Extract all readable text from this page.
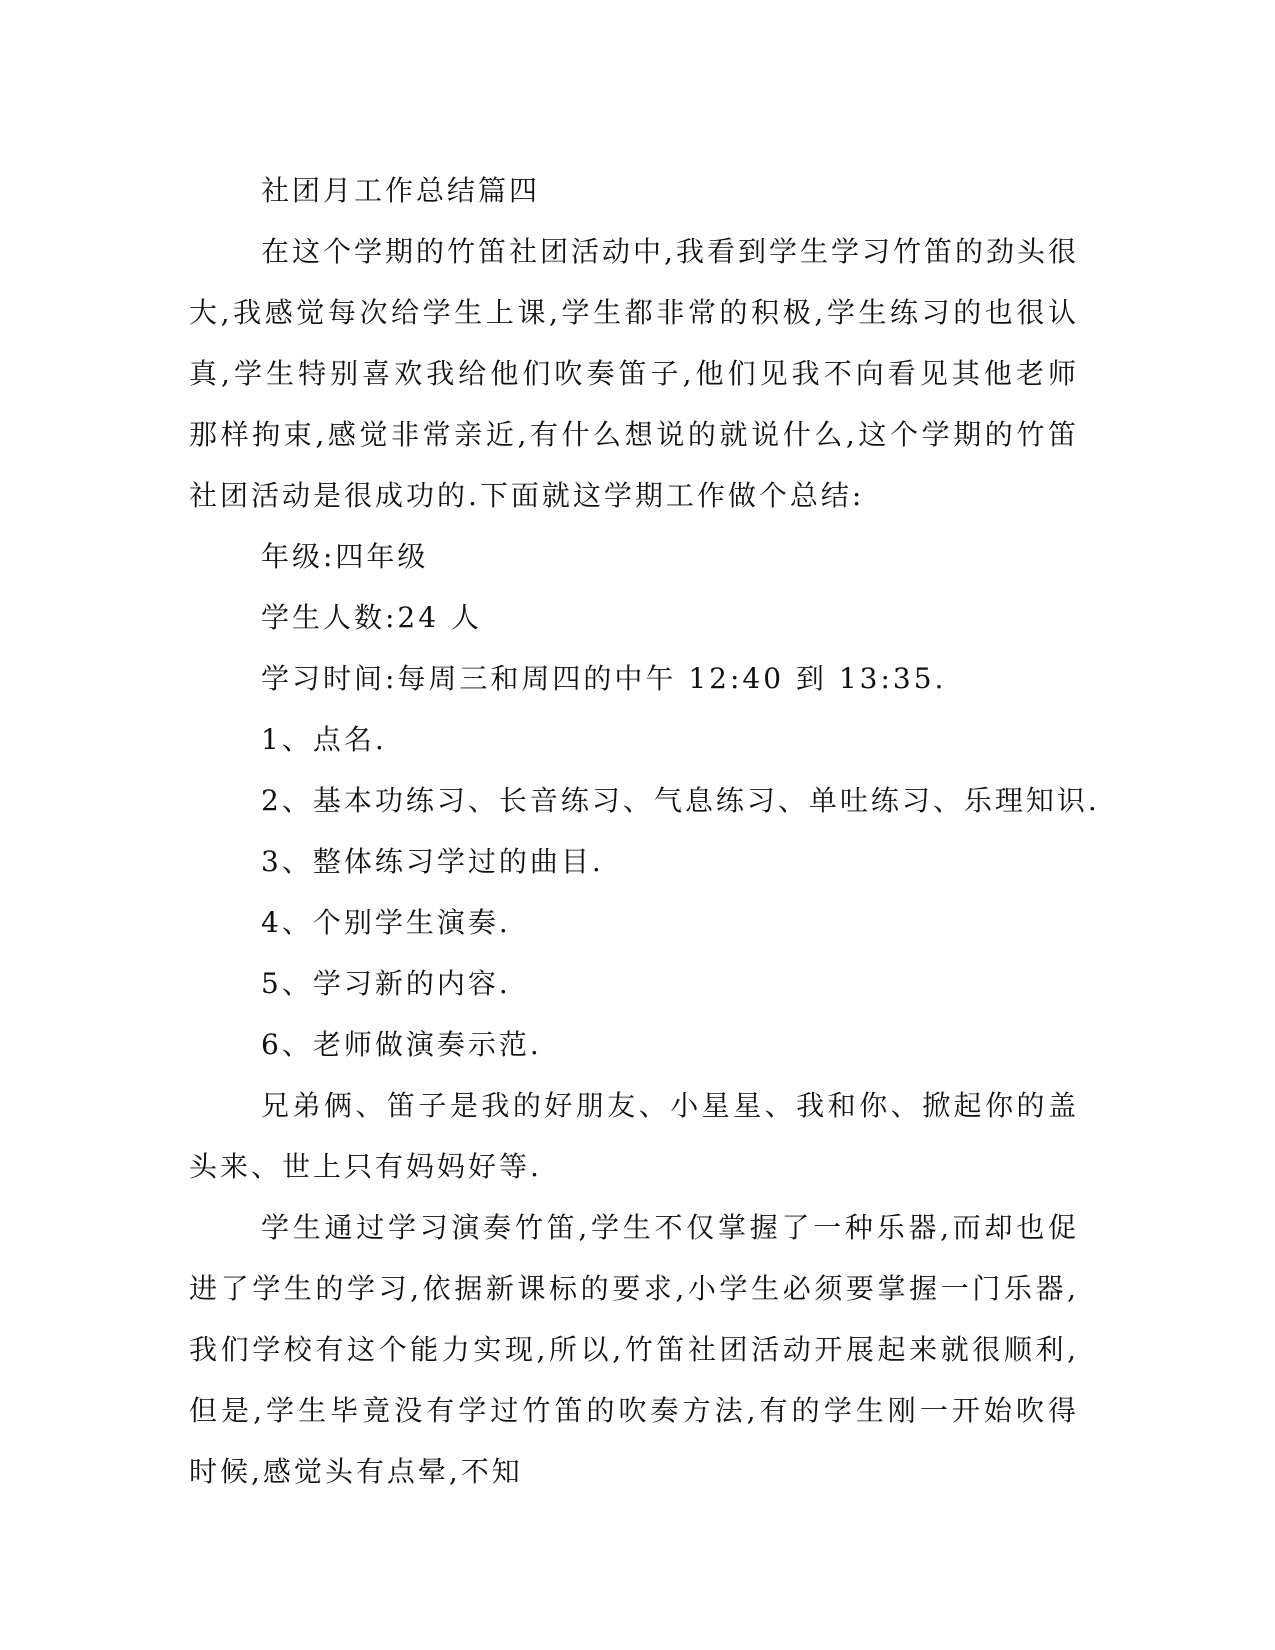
社团月工作总结篇四

在这个学期的竹笛社团活动中,我看到学生学习竹笛的劲头很大,我感觉每次给学生上课,学生都非常的积极,学生练习的也很认真,学生特别喜欢我给他们吹奏笛子,他们见我不向看见其他老师那样拘束,感觉非常亲近,有什么想说的就说什么,这个学期的竹笛社团活动是很成功的.下面就这学期工作做个总结:

年级:四年级

学生人数:24 人

学习时间:每周三和周四的中午 12:40 到 13:35.

1、点名.

2、基本功练习、长音练习、气息练习、单吐练习、乐理知识.

3、整体练习学过的曲目.

4、个别学生演奏.

5、学习新的内容.

6、老师做演奏示范.

兄弟俩、笛子是我的好朋友、小星星、我和你、掀起你的盖头来、世上只有妈妈好等.

学生通过学习演奏竹笛,学生不仅掌握了一种乐器,而却也促进了学生的学习,依据新课标的要求,小学生必须要掌握一门乐器,我们学校有这个能力实现,所以,竹笛社团活动开展起来就很顺利,但是,学生毕竟没有学过竹笛的吹奏方法,有的学生刚一开始吹得时候,感觉头有点晕,不知
